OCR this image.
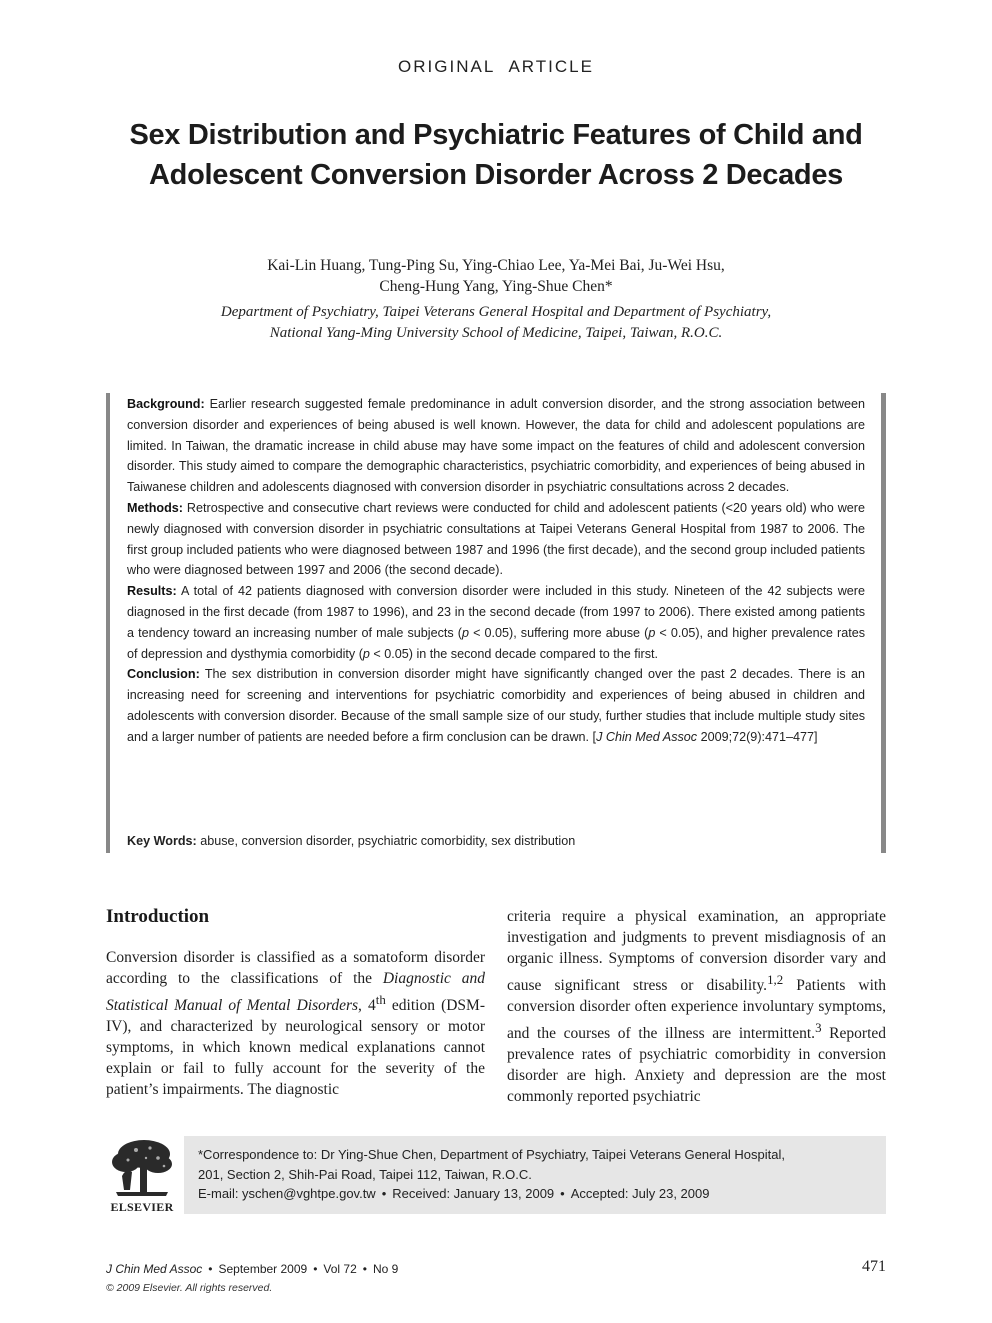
ORIGINAL ARTICLE
Sex Distribution and Psychiatric Features of Child and Adolescent Conversion Disorder Across 2 Decades
Kai-Lin Huang, Tung-Ping Su, Ying-Chiao Lee, Ya-Mei Bai, Ju-Wei Hsu,
Cheng-Hung Yang, Ying-Shue Chen*
Department of Psychiatry, Taipei Veterans General Hospital and Department of Psychiatry,
National Yang-Ming University School of Medicine, Taipei, Taiwan, R.O.C.

Background: Earlier research suggested female predominance in adult conversion disorder, and the strong association between conversion disorder and experiences of being abused is well known. However, the data for child and adolescent populations are limited. In Taiwan, the dramatic increase in child abuse may have some impact on the features of child and adolescent conversion disorder. This study aimed to compare the demographic characteristics, psychiatric comorbidity, and experiences of being abused in Taiwanese children and adolescents diagnosed with conversion disorder in psychiatric consultations across 2 decades.

Methods: Retrospective and consecutive chart reviews were conducted for child and adolescent patients (<20 years old) who were newly diagnosed with conversion disorder in psychiatric consultations at Taipei Veterans General Hospital from 1987 to 2006. The first group included patients who were diagnosed between 1987 and 1996 (the first decade), and the second group included patients who were diagnosed between 1997 and 2006 (the second decade).

Results: A total of 42 patients diagnosed with conversion disorder were included in this study. Nineteen of the 42 subjects were diagnosed in the first decade (from 1987 to 1996), and 23 in the second decade (from 1997 to 2006). There existed among patients a tendency toward an increasing number of male subjects (p < 0.05), suffering more abuse (p < 0.05), and higher prevalence rates of depression and dysthymia comorbidity (p < 0.05) in the second decade compared to the first.

Conclusion: The sex distribution in conversion disorder might have significantly changed over the past 2 decades. There is an increasing need for screening and interventions for psychiatric comorbidity and experiences of being abused in children and adolescents with conversion disorder. Because of the small sample size of our study, further studies that include multiple study sites and a larger number of patients are needed before a firm conclusion can be drawn. [J Chin Med Assoc 2009;72(9):471–477]

Key Words: abuse, conversion disorder, psychiatric comorbidity, sex distribution
Introduction

Conversion disorder is classified as a somatoform disorder according to the classifications of the Diagnostic and Statistical Manual of Mental Disorders, 4th edition (DSM-IV), and characterized by neurological sensory or motor symptoms, in which known medical explanations cannot explain or fail to fully account for the severity of the patient’s impairments. The diagnostic

criteria require a physical examination, an appropriate investigation and judgments to prevent misdiagnosis of an organic illness. Symptoms of conversion disorder vary and cause significant stress or disability.$^{1,2}$ Patients with conversion disorder often experience involuntary symptoms, and the courses of the illness are intermittent.$^3$ Reported prevalence rates of psychiatric comorbidity in conversion disorder are high. Anxiety and depression are the most commonly reported psychiatric

ELSEVIER

*Correspondence to: Dr Ying-Shue Chen, Department of Psychiatry, Taipei Veterans General Hospital,

201, Section 2, Shih-Pai Road, Taipei 112, Taiwan, R.O.C.

E-mail: yschen@vghtpe.gov.tw • Received: January 13, 2009 • Accepted: July 23, 2009

J Chin Med Assoc • September 2009 • Vol 72 • No 9
© 2009 Elsevier. All rights reserved.
471
